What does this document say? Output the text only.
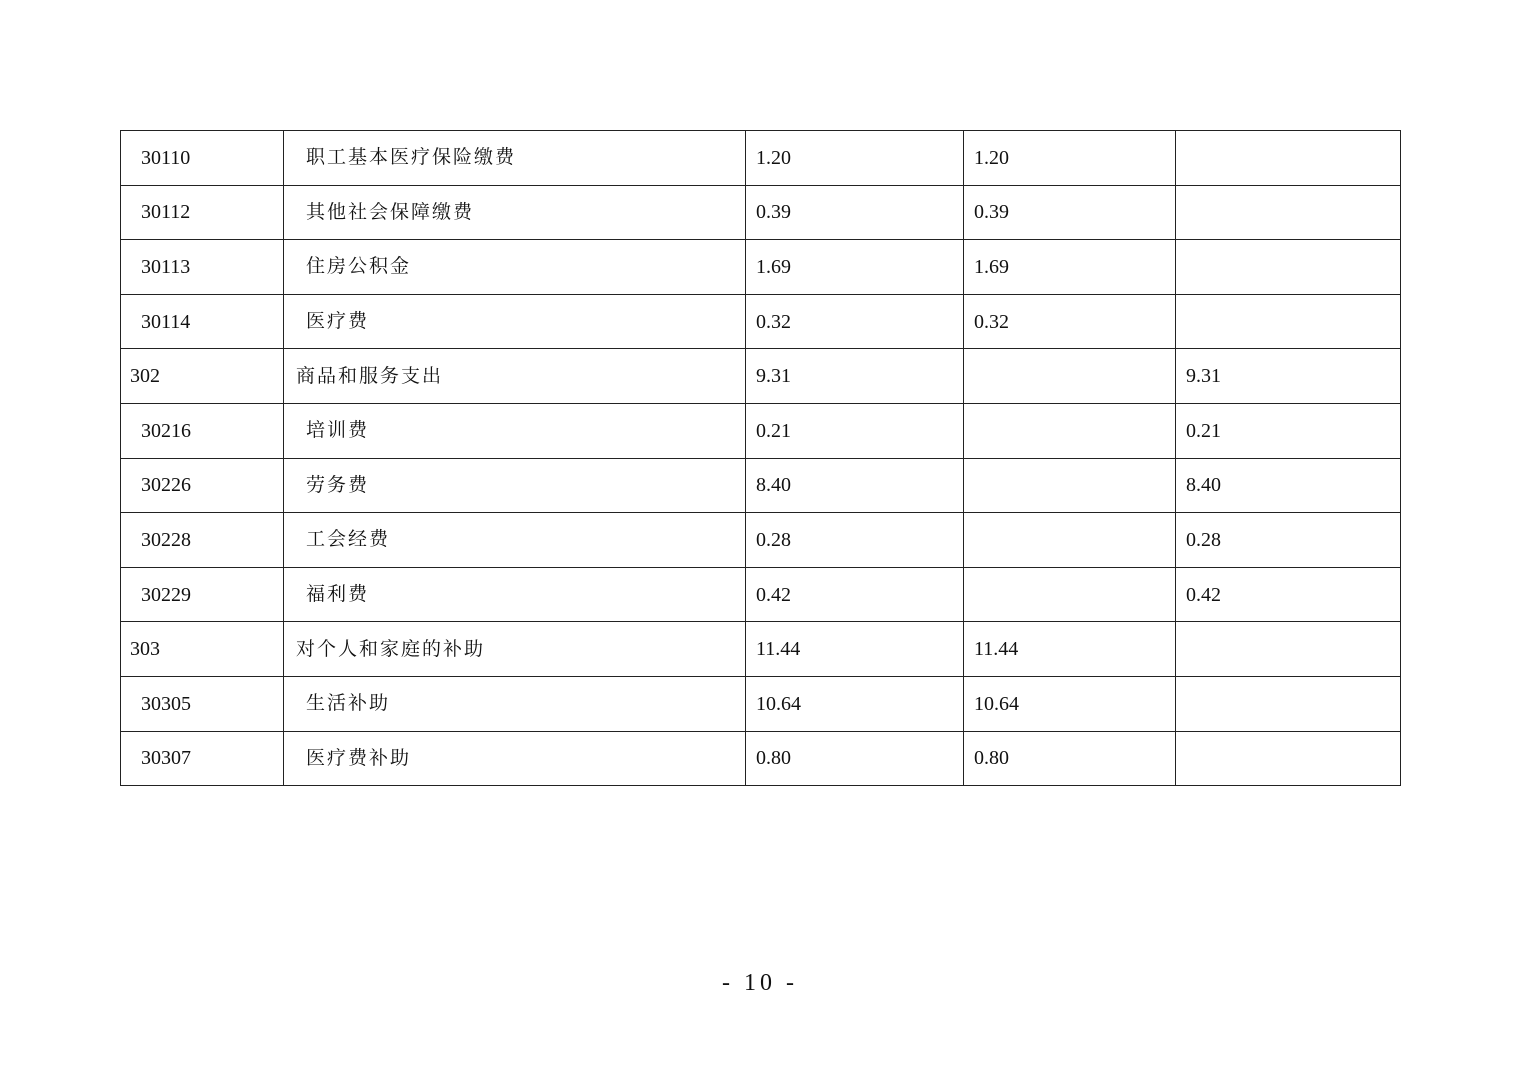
30110	职工基本医疗保险缴费	1.20	1.20	
30112	其他社会保障缴费	0.39	0.39	
30113	住房公积金	1.69	1.69	
30114	医疗费	0.32	0.32	
302	商品和服务支出	9.31		9.31
30216	培训费	0.21		0.21
30226	劳务费	8.40		8.40
30228	工会经费	0.28		0.28
30229	福利费	0.42		0.42
303	对个人和家庭的补助	11.44	11.44	
30305	生活补助	10.64	10.64	
30307	医疗费补助	0.80	0.80	
- 10 -
